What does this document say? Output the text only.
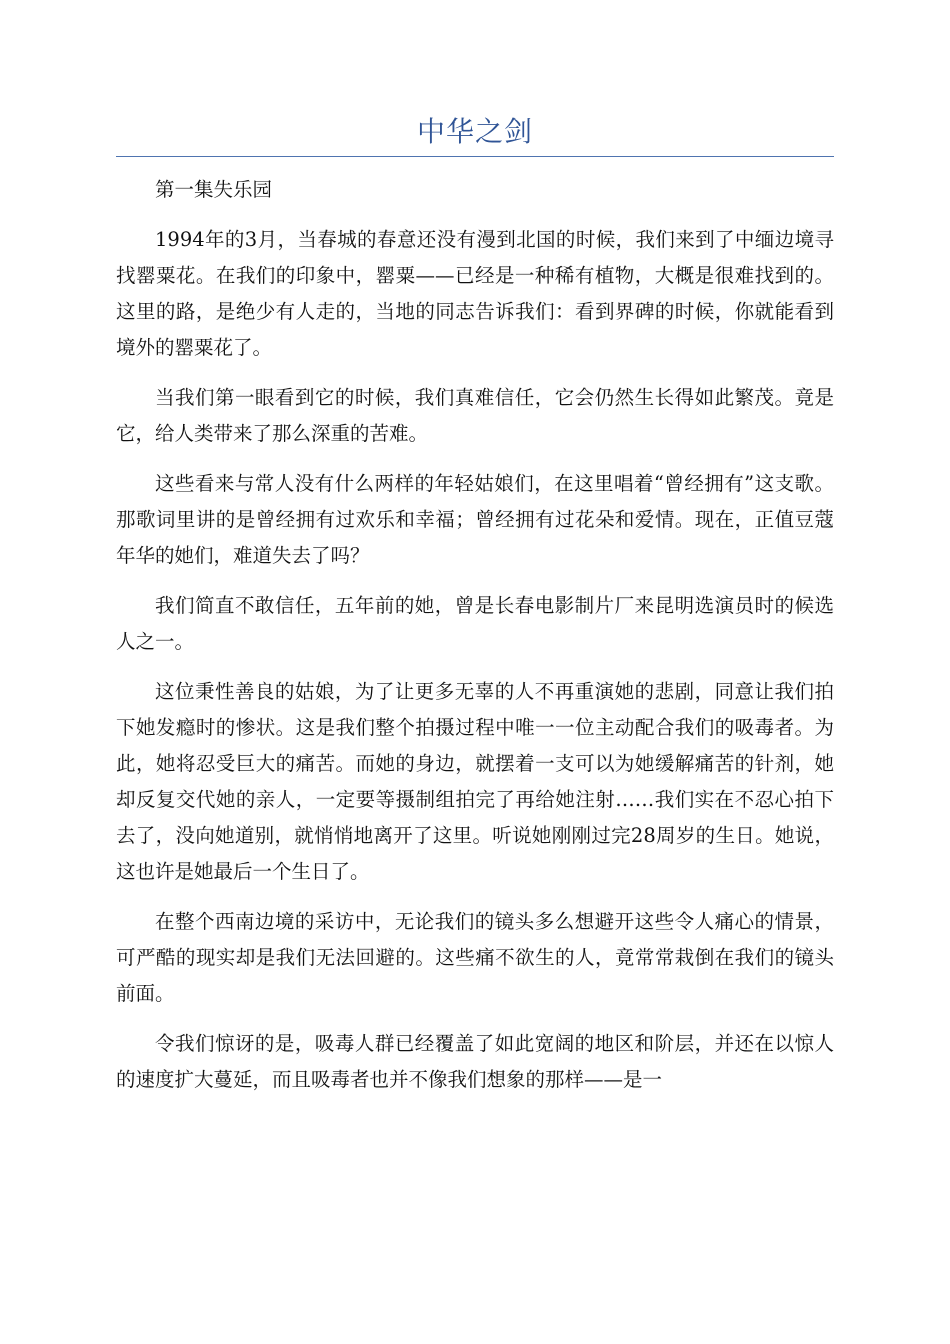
中华之剑

第一集失乐园

1994年的3月，当春城的春意还没有漫到北国的时候，我们来到了中缅边境寻找罂粟花。在我们的印象中，罂粟——已经是一种稀有植物，大概是很难找到的。这里的路，是绝少有人走的，当地的同志告诉我们：看到界碑的时候，你就能看到境外的罂粟花了。

当我们第一眼看到它的时候，我们真难信任，它会仍然生长得如此繁茂。竟是它，给人类带来了那么深重的苦难。

这些看来与常人没有什么两样的年轻姑娘们，在这里唱着“曾经拥有”这支歌。那歌词里讲的是曾经拥有过欢乐和幸福；曾经拥有过花朵和爱情。现在，正值豆蔻年华的她们，难道失去了吗？

我们简直不敢信任，五年前的她，曾是长春电影制片厂来昆明选演员时的候选人之一。

这位秉性善良的姑娘，为了让更多无辜的人不再重演她的悲剧，同意让我们拍下她发瘾时的惨状。这是我们整个拍摄过程中唯一一位主动配合我们的吸毒者。为此，她将忍受巨大的痛苦。而她的身边，就摆着一支可以为她缓解痛苦的针剂，她却反复交代她的亲人，一定要等摄制组拍完了再给她注射……我们实在不忍心拍下去了，没向她道别，就悄悄地离开了这里。听说她刚刚过完28周岁的生日。她说，这也许是她最后一个生日了。

在整个西南边境的采访中，无论我们的镜头多么想避开这些令人痛心的情景，可严酷的现实却是我们无法回避的。这些痛不欲生的人，竟常常栽倒在我们的镜头前面。

令我们惊讶的是，吸毒人群已经覆盖了如此宽阔的地区和阶层，并还在以惊人的速度扩大蔓延，而且吸毒者也并不像我们想象的那样——是一
